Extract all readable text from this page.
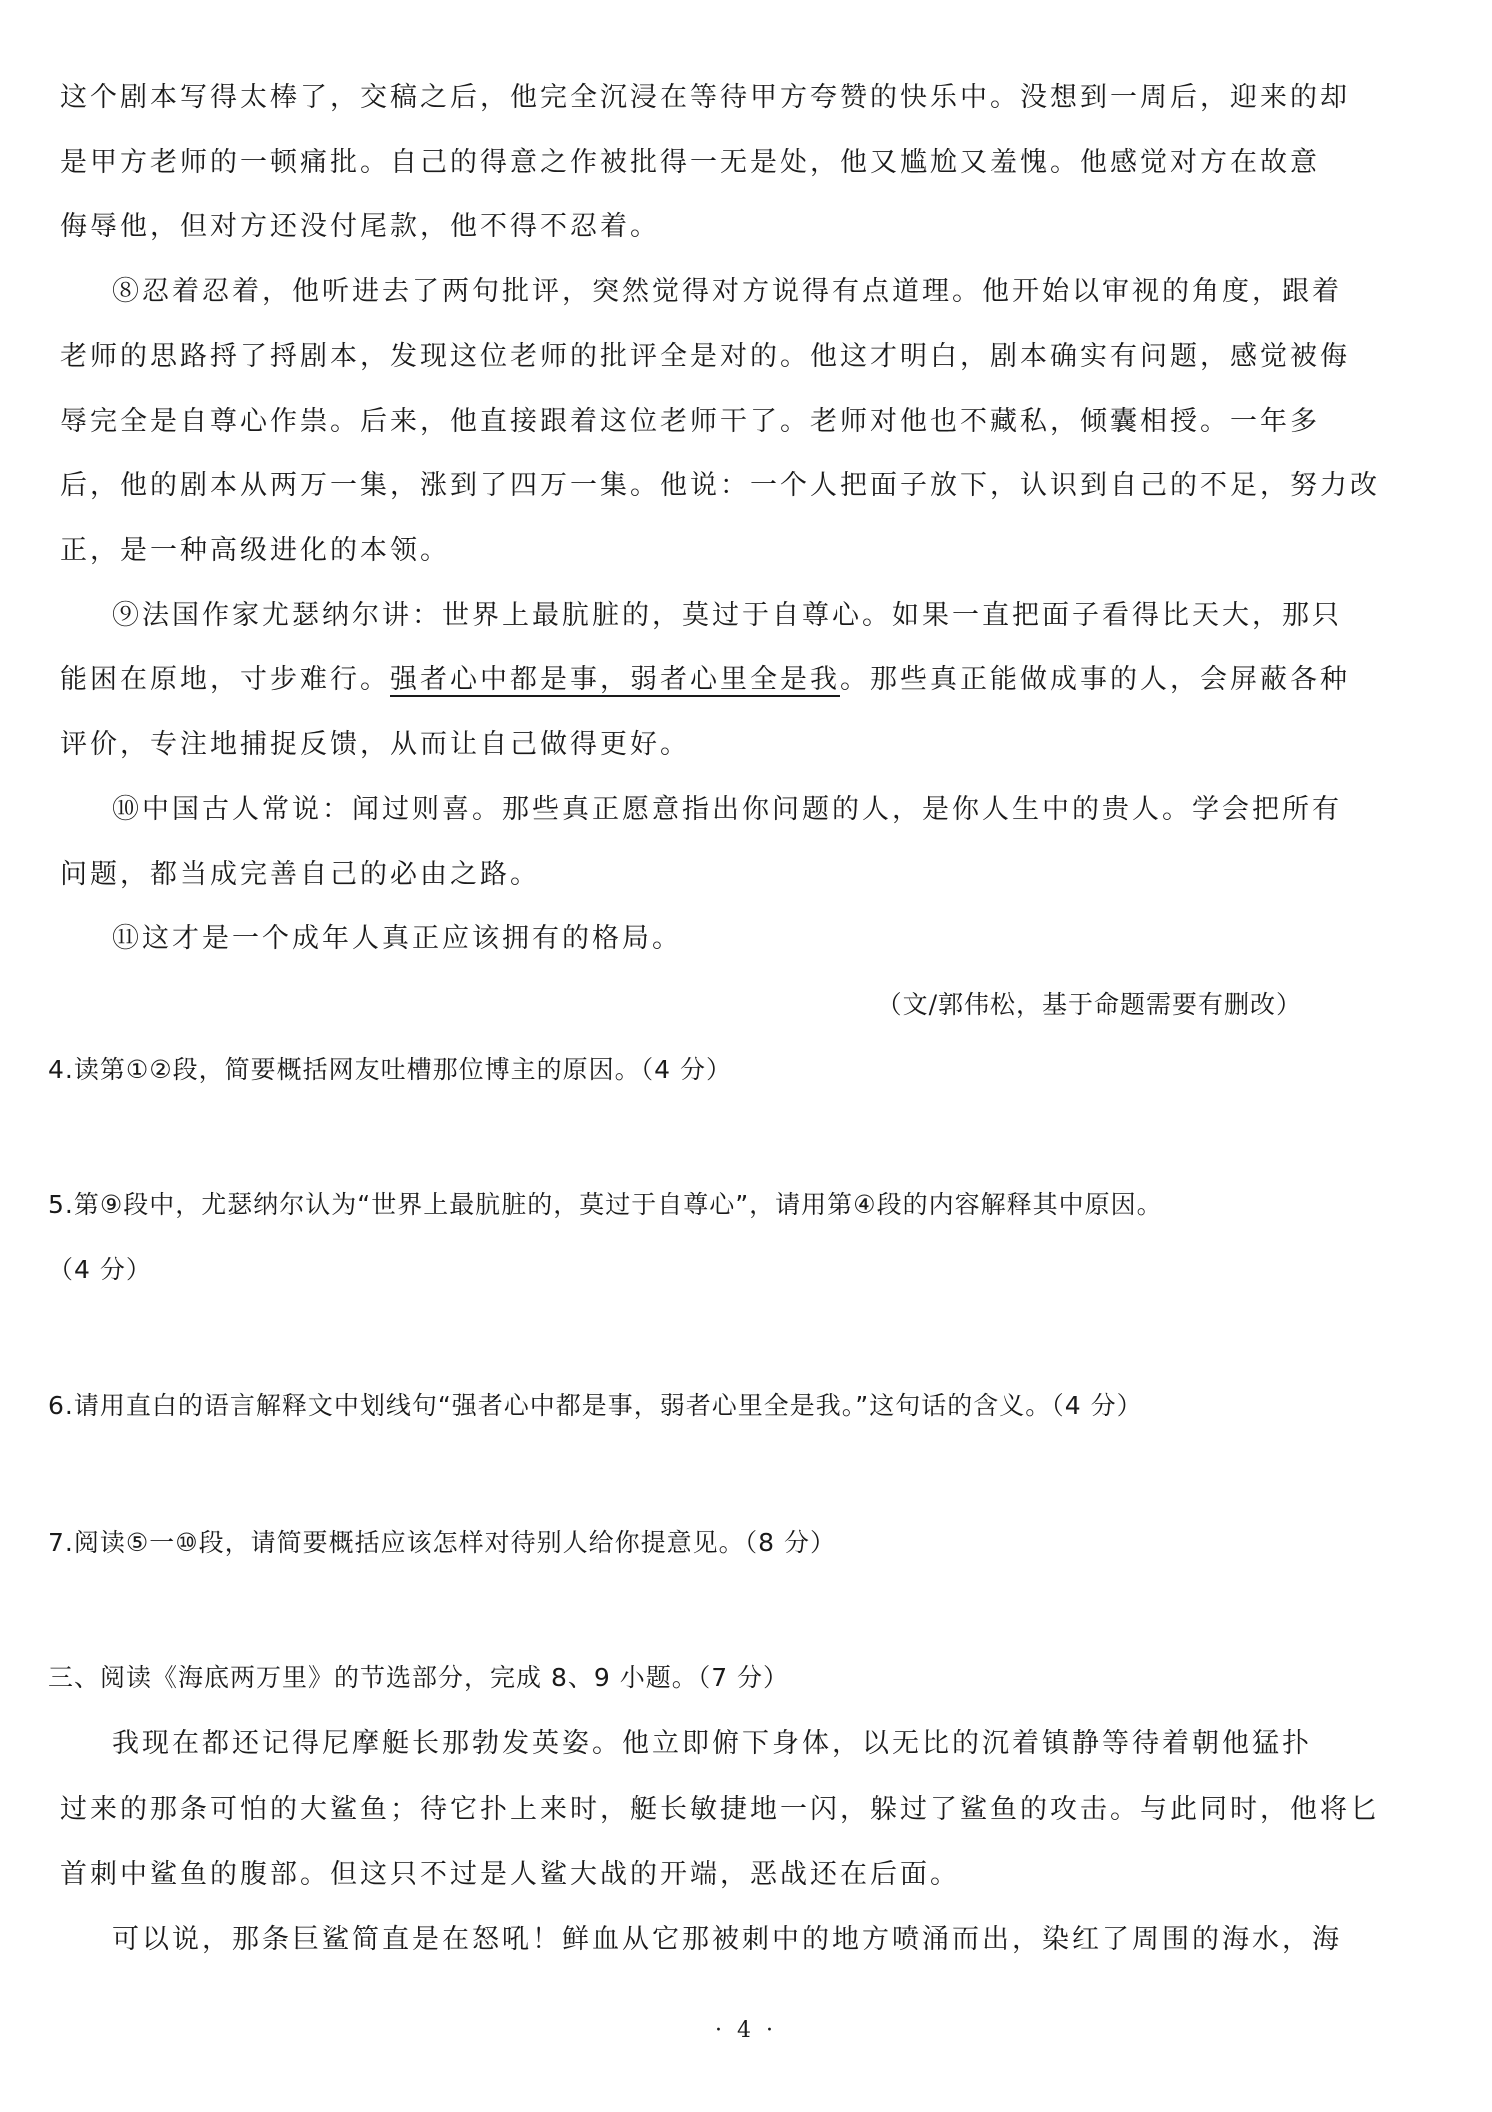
这个剧本写得太棒了，交稿之后，他完全沉浸在等待甲方夸赞的快乐中。没想到一周后，迎来的却
是甲方老师的一顿痛批。自己的得意之作被批得一无是处，他又尴尬又羞愧。他感觉对方在故意
侮辱他，但对方还没付尾款，他不得不忍着。
⑧忍着忍着，他听进去了两句批评，突然觉得对方说得有点道理。他开始以审视的角度，跟着
老师的思路捋了捋剧本，发现这位老师的批评全是对的。他这才明白，剧本确实有问题，感觉被侮
辱完全是自尊心作祟。后来，他直接跟着这位老师干了。老师对他也不藏私，倾囊相授。一年多
后，他的剧本从两万一集，涨到了四万一集。他说：一个人把面子放下，认识到自己的不足，努力改
正，是一种高级进化的本领。
⑨法国作家尤瑟纳尔讲：世界上最肮脏的，莫过于自尊心。如果一直把面子看得比天大，那只
能困在原地，寸步难行。强者心中都是事，弱者心里全是我。那些真正能做成事的人，会屏蔽各种
评价，专注地捕捉反馈，从而让自己做得更好。
⑩中国古人常说：闻过则喜。那些真正愿意指出你问题的人，是你人生中的贵人。学会把所有
问题，都当成完善自己的必由之路。
⑪这才是一个成年人真正应该拥有的格局。
（文/郭伟松，基于命题需要有删改）
4.读第①②段，简要概括网友吐槽那位博主的原因。（4 分）
5.第⑨段中，尤瑟纳尔认为“世界上最肮脏的，莫过于自尊心”，请用第④段的内容解释其中原因。
（4 分）
6.请用直白的语言解释文中划线句“强者心中都是事，弱者心里全是我。”这句话的含义。（4 分）
7.阅读⑤一⑩段，请简要概括应该怎样对待别人给你提意见。（8 分）
三、阅读《海底两万里》的节选部分，完成 8、9 小题。（7 分）
我现在都还记得尼摩艇长那勃发英姿。他立即俯下身体，以无比的沉着镇静等待着朝他猛扑
过来的那条可怕的大鲨鱼；待它扑上来时，艇长敏捷地一闪，躲过了鲨鱼的攻击。与此同时，他将匕
首刺中鲨鱼的腹部。但这只不过是人鲨大战的开端，恶战还在后面。
可以说，那条巨鲨简直是在怒吼！鲜血从它那被刺中的地方喷涌而出，染红了周围的海水，海
· 4 ·
